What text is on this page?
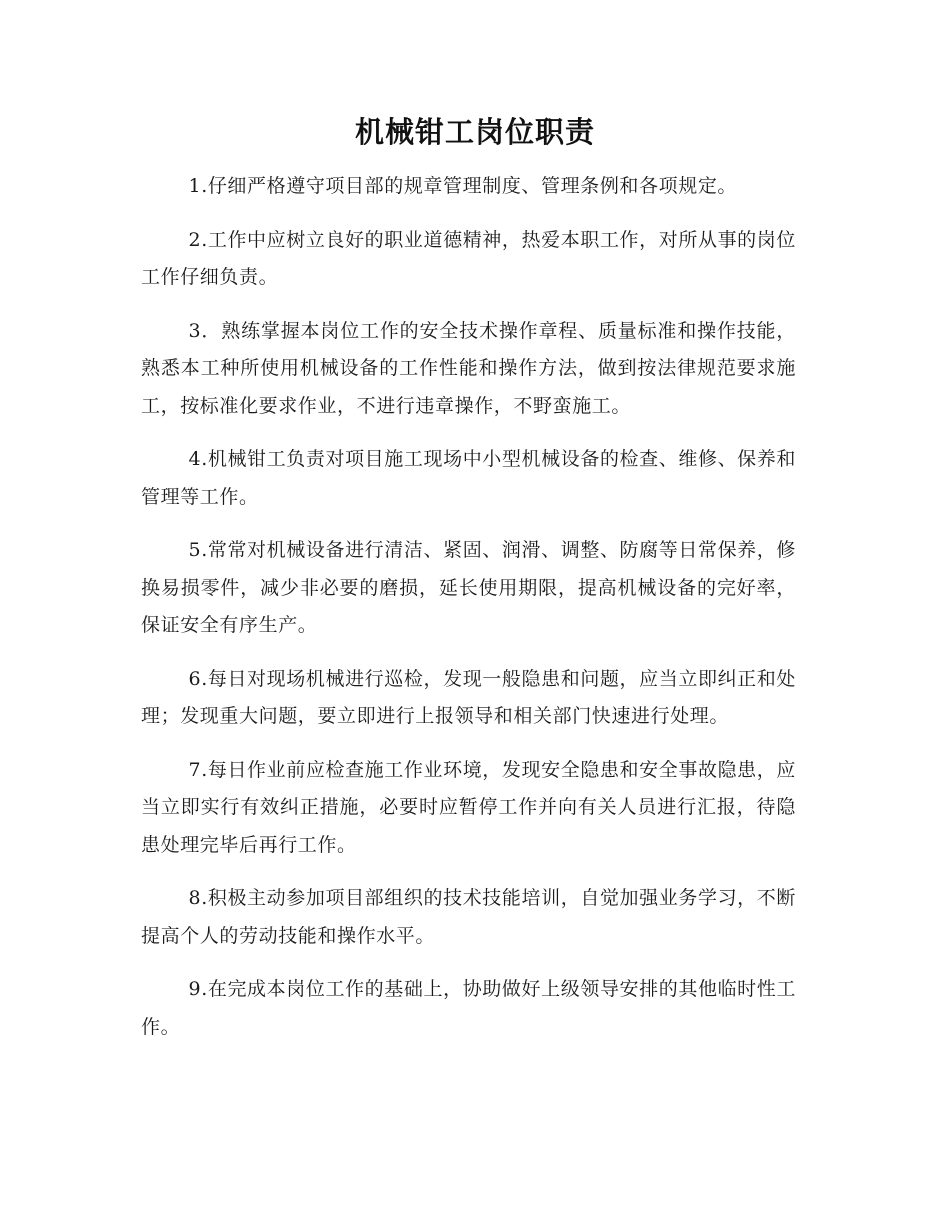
机械钳工岗位职责

1.仔细严格遵守项目部的规章管理制度、管理条例和各项规定。

2.工作中应树立良好的职业道德精神，热爱本职工作，对所从事的岗位工作仔细负责。

3．熟练掌握本岗位工作的安全技术操作章程、质量标准和操作技能，熟悉本工种所使用机械设备的工作性能和操作方法，做到按法律规范要求施工，按标准化要求作业，不进行违章操作，不野蛮施工。

4.机械钳工负责对项目施工现场中小型机械设备的检查、维修、保养和管理等工作。

5.常常对机械设备进行清洁、紧固、润滑、调整、防腐等日常保养，修换易损零件，减少非必要的磨损，延长使用期限，提高机械设备的完好率，保证安全有序生产。

6.每日对现场机械进行巡检，发现一般隐患和问题，应当立即纠正和处理；发现重大问题，要立即进行上报领导和相关部门快速进行处理。

7.每日作业前应检查施工作业环境，发现安全隐患和安全事故隐患，应当立即实行有效纠正措施，必要时应暂停工作并向有关人员进行汇报，待隐患处理完毕后再行工作。

8.积极主动参加项目部组织的技术技能培训，自觉加强业务学习，不断提高个人的劳动技能和操作水平。

9.在完成本岗位工作的基础上，协助做好上级领导安排的其他临时性工作。
